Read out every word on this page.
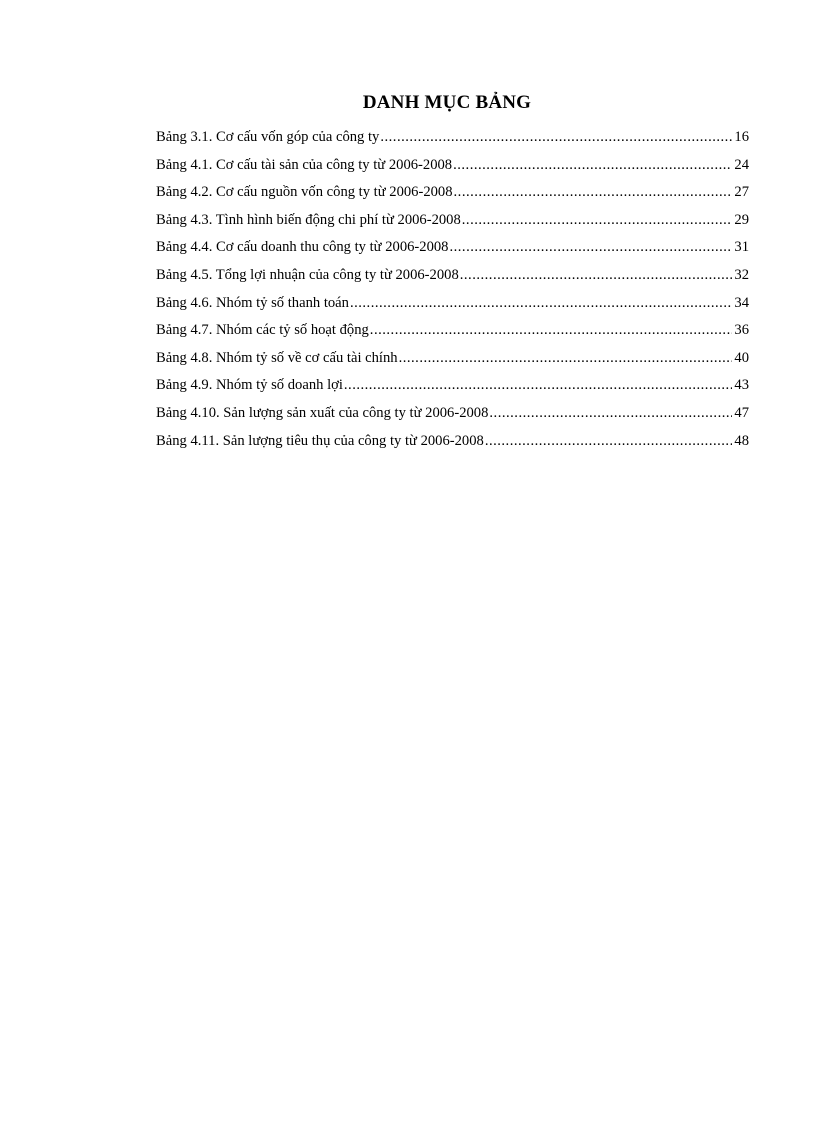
DANH MỤC BẢNG
Bảng 3.1. Cơ cấu vốn góp của công ty .....	16
Bảng 4.1. Cơ cấu tài sản của công ty từ 2006-2008 .....	24
Bảng 4.2. Cơ cấu nguồn vốn công ty từ 2006-2008 .....	27
Bảng 4.3. Tình hình biến động chi phí từ 2006-2008 .....	29
Bảng 4.4. Cơ cấu doanh thu công ty từ 2006-2008 .....	31
Bảng 4.5. Tổng lợi nhuận của công ty từ 2006-2008 .....	32
Bảng 4.6. Nhóm tỷ số thanh toán .....	34
Bảng 4.7. Nhóm các tỷ số hoạt động .....	36
Bảng 4.8. Nhóm tỷ số về cơ cấu tài chính .....	40
Bảng 4.9. Nhóm tỷ số doanh lợi .....	43
Bảng 4.10. Sản lượng sản xuất của công ty từ 2006-2008 .....	47
Bảng 4.11. Sản lượng tiêu thụ của công ty từ 2006-2008 .....	48
